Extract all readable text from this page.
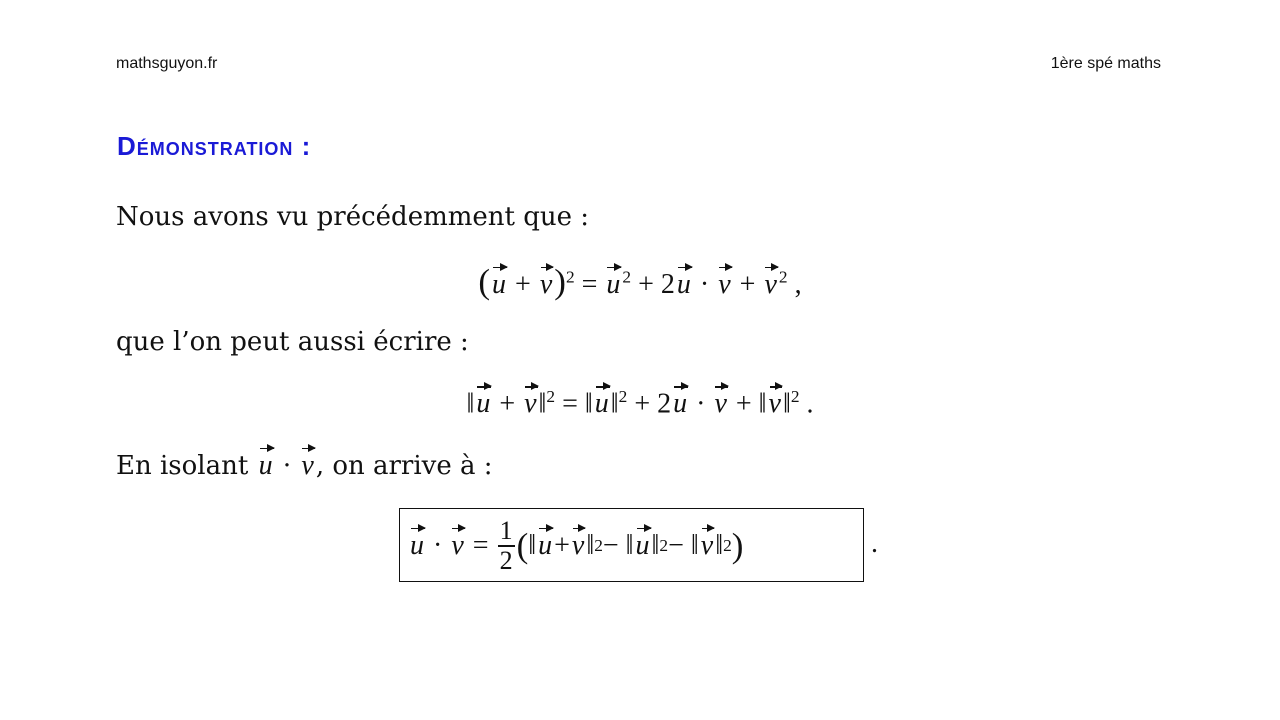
mathsguyon.fr	1ère spé maths
Démonstration :
Nous avons vu précédemment que :
$(u + v)^2 = u$ $^2$ + 2u · v + v $^2$ ,
que l’on peut aussi écrire :
‖u + v‖$^2$ = ‖u‖$^2$ + 2u · v + ‖v‖$^2$ .
En isolant u · v, on arrive à :
$u \cdot v = \frac{1}{2}$ ( ‖ u + v ‖ 2 − ‖ u ‖ 2 − ‖ v ‖ 2 )	.
